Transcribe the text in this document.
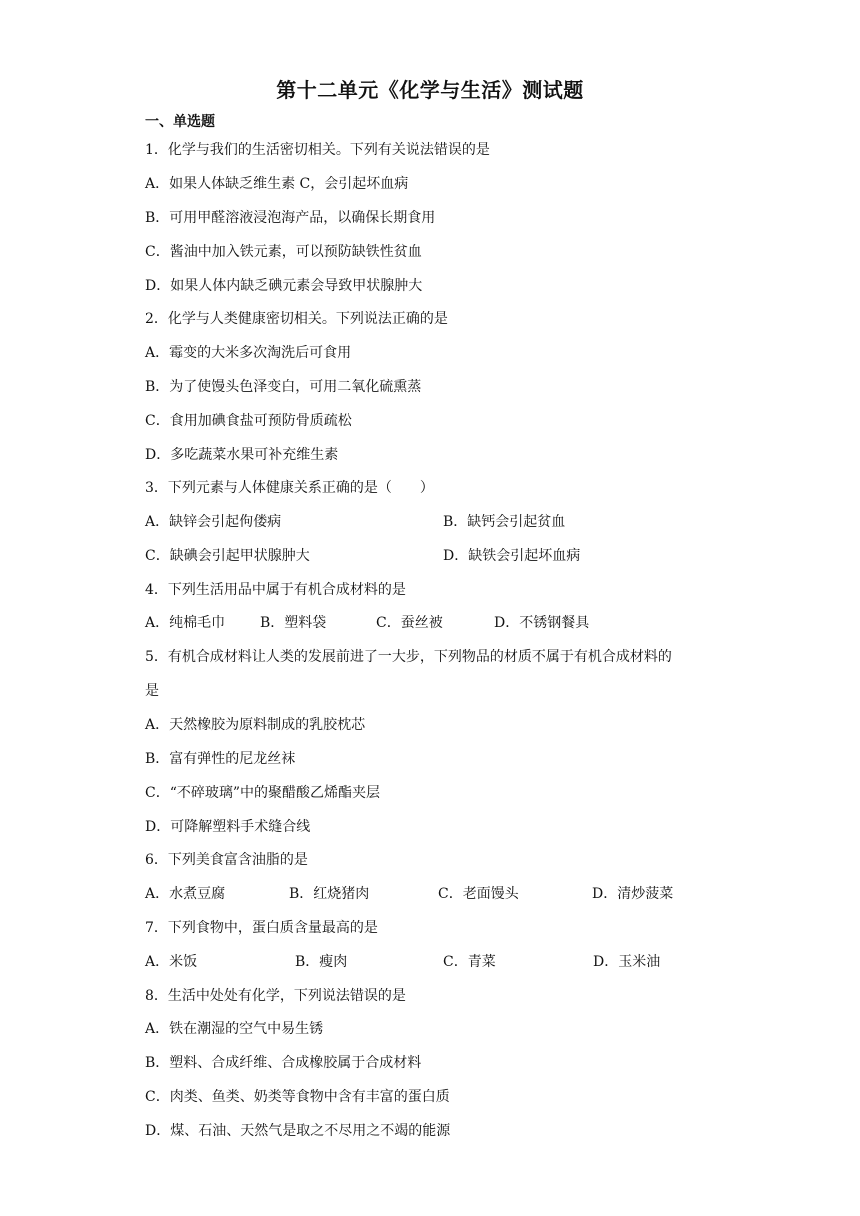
第十二单元《化学与生活》测试题
一、单选题
1．化学与我们的生活密切相关。下列有关说法错误的是
A．如果人体缺乏维生素 C，会引起坏血病
B．可用甲醛溶液浸泡海产品，以确保长期食用
C．酱油中加入铁元素，可以预防缺铁性贫血
D．如果人体内缺乏碘元素会导致甲状腺肿大
2．化学与人类健康密切相关。下列说法正确的是
A．霉变的大米多次淘洗后可食用
B．为了使馒头色泽变白，可用二氧化硫熏蒸
C．食用加碘食盐可预防骨质疏松
D．多吃蔬菜水果可补充维生素
3．下列元素与人体健康关系正确的是（　　）
A．缺锌会引起佝偻病	B．缺钙会引起贫血
C．缺碘会引起甲状腺肿大	D．缺铁会引起坏血病
4．下列生活用品中属于有机合成材料的是
A．纯棉毛巾 B．塑料袋	C．蚕丝被	D．不锈钢餐具
5．有机合成材料让人类的发展前进了一大步，下列物品的材质不属于有机合成材料的
是
A．天然橡胶为原料制成的乳胶枕芯
B．富有弹性的尼龙丝袜
C．“不碎玻璃”中的聚醋酸乙烯酯夹层
D．可降解塑料手术缝合线
6．下列美食富含油脂的是
A．水煮豆腐	B．红烧猪肉	C．老面馒头	D．清炒菠菜
7．下列食物中，蛋白质含量最高的是
A．米饭	B．瘦肉	C．青菜	D．玉米油
8．生活中处处有化学，下列说法错误的是
A．铁在潮湿的空气中易生锈
B．塑料、合成纤维、合成橡胶属于合成材料
C．肉类、鱼类、奶类等食物中含有丰富的蛋白质
D．煤、石油、天然气是取之不尽用之不竭的能源
